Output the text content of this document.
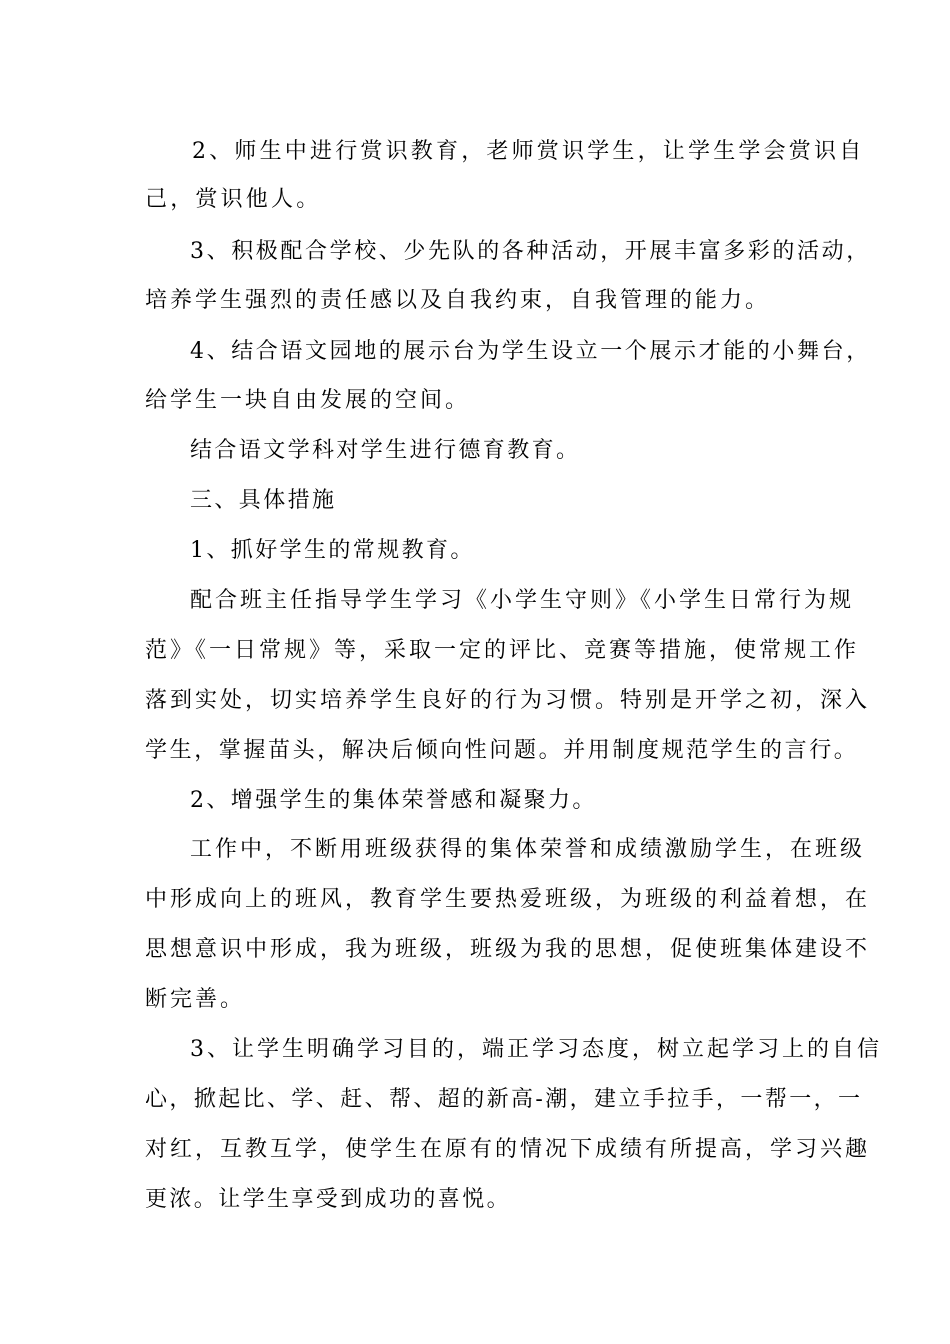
2、师生中进行赏识教育，老师赏识学生，让学生学会赏识自
己，赏识他人。
3、积极配合学校、少先队的各种活动，开展丰富多彩的活动，
培养学生强烈的责任感以及自我约束，自我管理的能力。
4、结合语文园地的展示台为学生设立一个展示才能的小舞台，
给学生一块自由发展的空间。
结合语文学科对学生进行德育教育。
三、具体措施
1、抓好学生的常规教育。
配合班主任指导学生学习《小学生守则》《小学生日常行为规
范》《一日常规》等，采取一定的评比、竞赛等措施，使常规工作
落到实处，切实培养学生良好的行为习惯。特别是开学之初，深入
学生，掌握苗头，解决后倾向性问题。并用制度规范学生的言行。
2、增强学生的集体荣誉感和凝聚力。
工作中，不断用班级获得的集体荣誉和成绩激励学生，在班级
中形成向上的班风，教育学生要热爱班级，为班级的利益着想，在
思想意识中形成，我为班级，班级为我的思想，促使班集体建设不
断完善。
3、让学生明确学习目的，端正学习态度，树立起学习上的自信
心，掀起比、学、赶、帮、超的新高-潮，建立手拉手，一帮一，一
对红，互教互学，使学生在原有的情况下成绩有所提高，学习兴趣
更浓。让学生享受到成功的喜悦。
